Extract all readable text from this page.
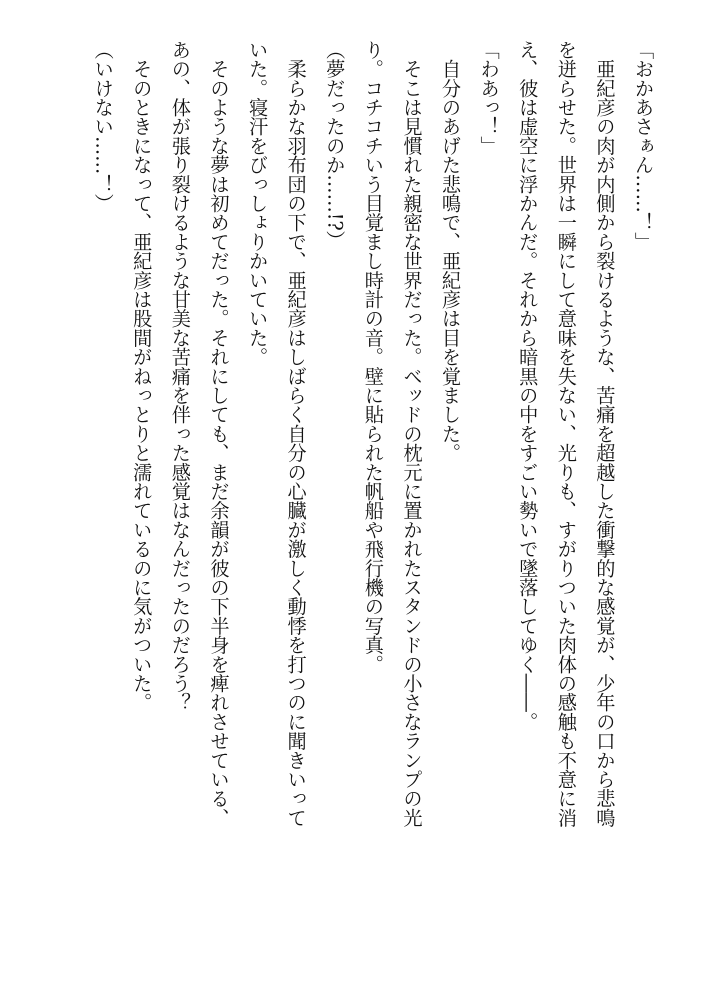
「おかあさぁん……！」
　亜紀彦の肉が内側から裂けるような、苦痛を超越した衝撃的な感覚が、少年の口から悲鳴
を迸らせた。世界は一瞬にして意味を失ない、光りも、すがりついた肉体の感触も不意に消
え、彼は虚空に浮かんだ。それから暗黒の中をすごい勢いで墜落してゆく――。
「わあっ！」
　自分のあげた悲鳴で、亜紀彦は目を覚ました。
　そこは見慣れた親密な世界だった。ベッドの枕元に置かれたスタンドの小さなランプの光
り。コチコチいう目覚まし時計の音。壁に貼られた帆船や飛行機の写真。
（夢だったのか……!?）
　柔らかな羽布団の下で、亜紀彦はしばらく自分の心臓が激しく動悸を打つのに聞きいって
いた。寝汗をびっしょりかいていた。
　そのような夢は初めてだった。それにしても、まだ余韻が彼の下半身を痺れさせている、
あの、体が張り裂けるような甘美な苦痛を伴った感覚はなんだったのだろう？
　そのときになって、亜紀彦は股間がねっとりと濡れているのに気がついた。
（いけない……！）
